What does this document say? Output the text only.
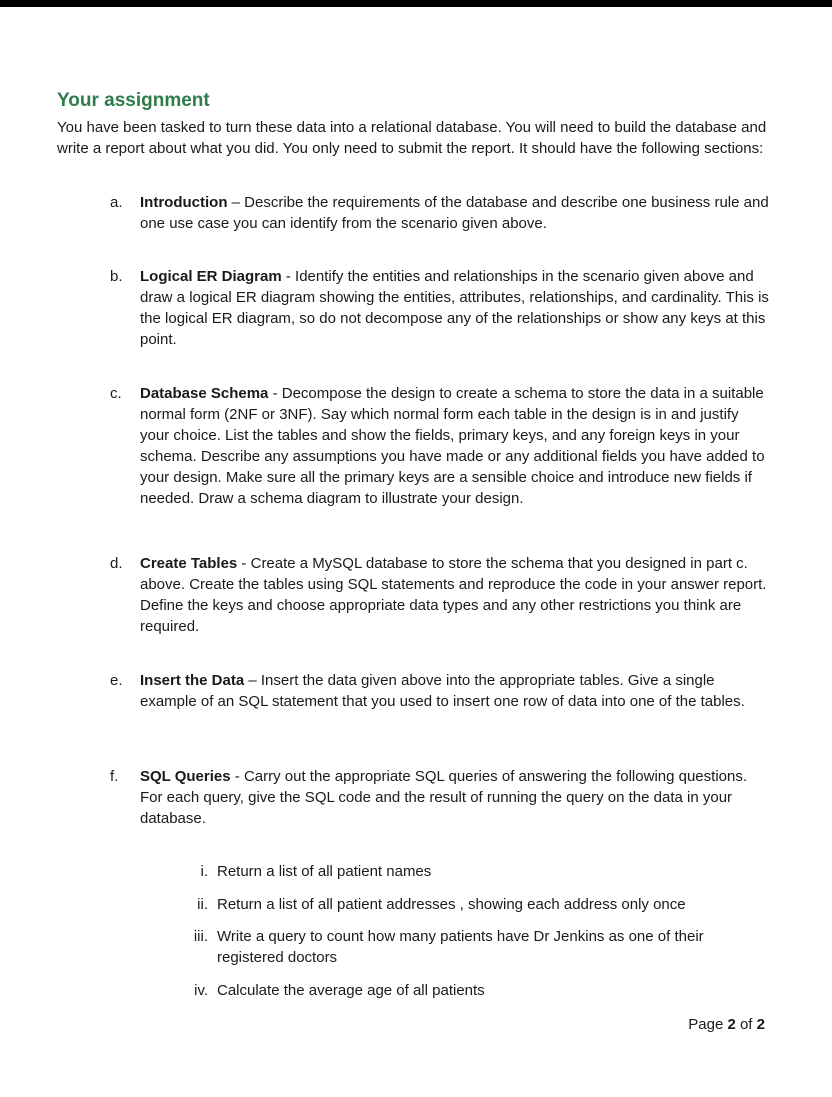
Your assignment

You have been tasked to turn these data into a relational database. You will need to build the database and write a report about what you did. You only need to submit the report. It should have the following sections:

a.	Introduction – Describe the requirements of the database and describe one business rule and one use case you can identify from the scenario given above.
b.	Logical ER Diagram - Identify the entities and relationships in the scenario given above and draw a logical ER diagram showing the entities, attributes, relationships, and cardinality. This is the logical ER diagram, so do not decompose any of the relationships or show any keys at this point.
c.	Database Schema - Decompose the design to create a schema to store the data in a suitable normal form (2NF or 3NF). Say which normal form each table in the design is in and justify your choice. List the tables and show the fields, primary keys, and any foreign keys in your schema. Describe any assumptions you have made or any additional fields you have added to your design. Make sure all the primary keys are a sensible choice and introduce new fields if needed. Draw a schema diagram to illustrate your design.
d.	Create Tables - Create a MySQL database to store the schema that you designed in part c. above. Create the tables using SQL statements and reproduce the code in your answer report. Define the keys and choose appropriate data types and any other restrictions you think are required.
e.	Insert the Data – Insert the data given above into the appropriate tables. Give a single example of an SQL statement that you used to insert one row of data into one of the tables.
f.	SQL Queries - Carry out the appropriate SQL queries of answering the following questions. For each query, give the SQL code and the result of running the query on the data in your database.
i. Return a list of all patient names
ii. Return a list of all patient addresses , showing each address only once
iii. Write a query to count how many patients have Dr Jenkins as one of their registered doctors
iv. Calculate the average age of all patients
Page 2 of 2
